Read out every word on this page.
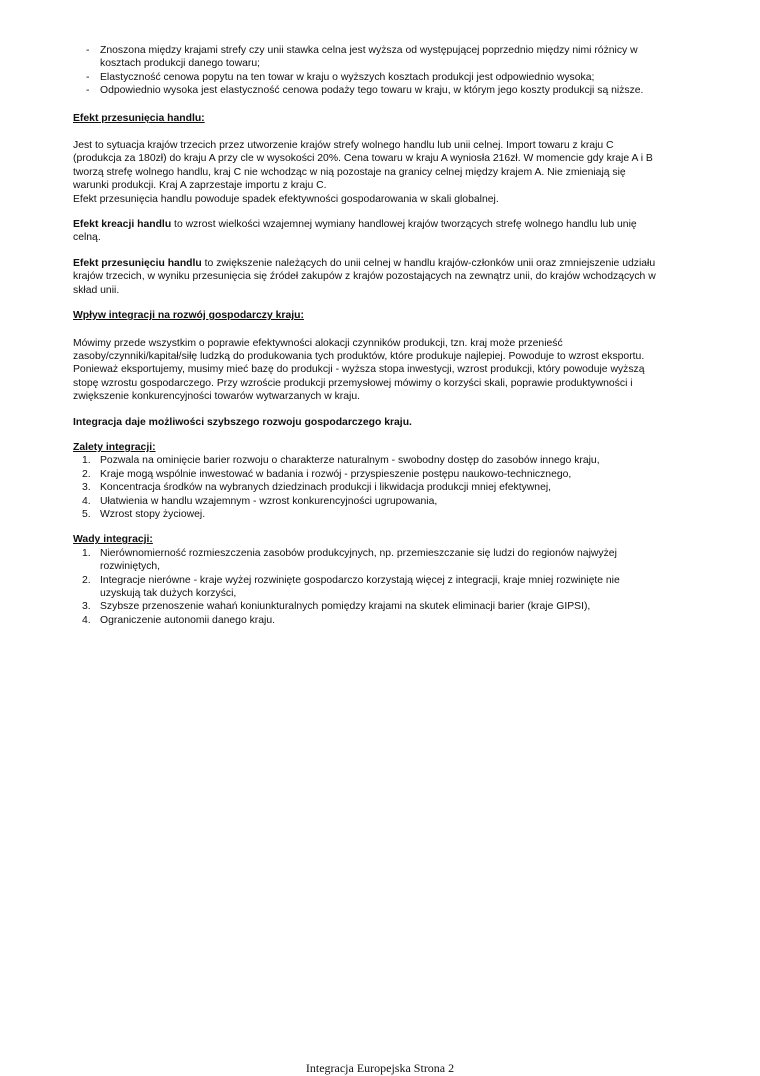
- Znoszona między krajami strefy czy unii stawka celna jest wyższa od występującej poprzednio między nimi różnicy w kosztach produkcji danego towaru;
- Elastyczność cenowa popytu na ten towar w kraju o wyższych kosztach produkcji jest odpowiednio wysoka;
- Odpowiednio wysoka jest elastyczność cenowa podaży tego towaru w kraju, w którym jego koszty produkcji są niższe.

Efekt przesunięcia handlu:

Jest to sytuacja krajów trzecich przez utworzenie krajów strefy wolnego handlu lub unii celnej. Import towaru z kraju C (produkcja za 180zł) do kraju A przy cle w wysokości 20%. Cena towaru w kraju A wyniosła 216zł. W momencie gdy kraje A i B tworzą strefę wolnego handlu, kraj C nie wchodząc w nią pozostaje na granicy celnej między krajem A. Nie zmieniają się warunki produkcji. Kraj A zaprzestaje importu z kraju C.

Efekt przesunięcia handlu powoduje spadek efektywności gospodarowania w skali globalnej.

Efekt kreacji handlu to wzrost wielkości wzajemnej wymiany handlowej krajów tworzących strefę wolnego handlu lub unię celną.

Efekt przesunięciu handlu to zwiększenie należących do unii celnej w handlu krajów-członków unii oraz zmniejszenie udziału krajów trzecich, w wyniku przesunięcia się źródeł zakupów z krajów pozostających na zewnątrz unii, do krajów wchodzących w skład unii.

Wpływ integracji na rozwój gospodarczy kraju:

Mówimy przede wszystkim o poprawie efektywności alokacji czynników produkcji, tzn. kraj może przenieść zasoby/czynniki/kapitał/siłę ludzką do produkowania tych produktów, które produkuje najlepiej. Powoduje to wzrost eksportu. Ponieważ eksportujemy, musimy mieć bazę do produkcji - wyższa stopa inwestycji, wzrost produkcji, który powoduje wyższą stopę wzrostu gospodarczego. Przy wzroście produkcji przemysłowej mówimy o korzyści skali, poprawie produktywności i zwiększenie konkurencyjności towarów wytwarzanych w kraju.

Integracja daje możliwości szybszego rozwoju gospodarczego kraju.

Zalety integracji:

1. Pozwala na ominięcie barier rozwoju o charakterze naturalnym - swobodny dostęp do zasobów innego kraju,
2. Kraje mogą wspólnie inwestować w badania i rozwój - przyspieszenie postępu naukowo-technicznego,
3. Koncentracja środków na wybranych dziedzinach produkcji i likwidacja produkcji mniej efektywnej,
4. Ułatwienia w handlu wzajemnym - wzrost konkurencyjności ugrupowania,
5. Wzrost stopy życiowej.

Wady integracji:

1. Nierównomierność rozmieszczenia zasobów produkcyjnych, np. przemieszczanie się ludzi do regionów najwyżej rozwiniętych,
2. Integracje nierówne - kraje wyżej rozwinięte gospodarczo korzystają więcej z integracji, kraje mniej rozwinięte nie uzyskują tak dużych korzyści,
3. Szybsze przenoszenie wahań koniunkturalnych pomiędzy krajami na skutek eliminacji barier (kraje GIPSI),
4. Ograniczenie autonomii danego kraju.
Integracja Europejska Strona 2
